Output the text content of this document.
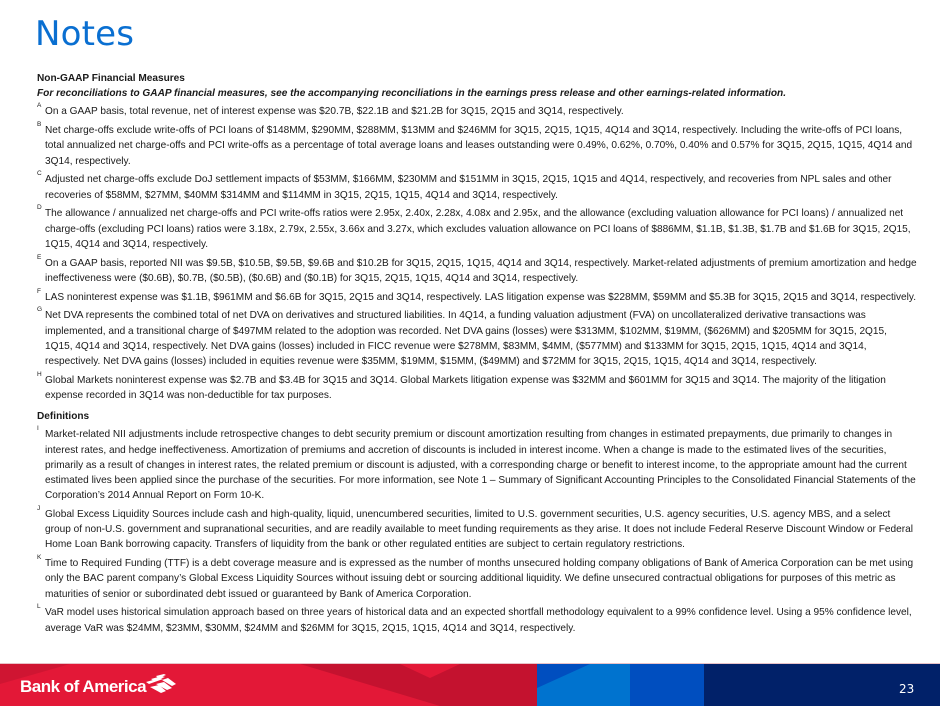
Notes
Non-GAAP Financial Measures
For reconciliations to GAAP financial measures, see the accompanying reconciliations in the earnings press release and other earnings-related information.
A
On a GAAP basis, total revenue, net of interest expense was $20.7B, $22.1B and $21.2B for 3Q15, 2Q15 and 3Q14, respectively.
B
Net charge-offs exclude write-offs of PCI loans of $148MM, $290MM, $288MM, $13MM and $246MM for 3Q15, 2Q15, 1Q15, 4Q14 and 3Q14, respectively. Including the write-offs of PCI loans, total annualized net charge-offs and PCI write-offs as a percentage of total average loans and leases outstanding were 0.49%, 0.62%, 0.70%, 0.40% and 0.57% for 3Q15, 2Q15, 1Q15, 4Q14 and 3Q14, respectively.
C
Adjusted net charge-offs exclude DoJ settlement impacts of $53MM, $166MM, $230MM and $151MM in 3Q15, 2Q15, 1Q15 and 4Q14, respectively, and recoveries from NPL sales and other recoveries of $58MM, $27MM, $40MM $314MM and $114MM in 3Q15, 2Q15, 1Q15, 4Q14 and 3Q14, respectively.
D
The allowance / annualized net charge-offs and PCI write-offs ratios were 2.95x, 2.40x, 2.28x, 4.08x and 2.95x, and the allowance (excluding valuation allowance for PCI loans) / annualized net charge-offs (excluding PCI loans) ratios were 3.18x, 2.79x, 2.55x, 3.66x and 3.27x, which excludes valuation allowance on PCI loans of $886MM, $1.1B, $1.3B, $1.7B and $1.6B for 3Q15, 2Q15, 1Q15, 4Q14 and 3Q14, respectively.
E
On a GAAP basis, reported NII was $9.5B, $10.5B, $9.5B, $9.6B and $10.2B for 3Q15, 2Q15, 1Q15, 4Q14 and 3Q14, respectively. Market-related adjustments of premium amortization and hedge ineffectiveness were ($0.6B), $0.7B, ($0.5B), ($0.6B) and ($0.1B) for 3Q15, 2Q15, 1Q15, 4Q14 and 3Q14, respectively.
F
LAS noninterest expense was $1.1B, $961MM and $6.6B for 3Q15, 2Q15 and 3Q14, respectively. LAS litigation expense was $228MM, $59MM and $5.3B for 3Q15, 2Q15 and 3Q14, respectively.
G
Net DVA represents the combined total of net DVA on derivatives and structured liabilities. In 4Q14, a funding valuation adjustment (FVA) on uncollateralized derivative transactions was implemented, and a transitional charge of $497MM related to the adoption was recorded. Net DVA gains (losses) were $313MM, $102MM, $19MM, ($626MM) and $205MM for 3Q15, 2Q15, 1Q15, 4Q14 and 3Q14, respectively. Net DVA gains (losses) included in FICC revenue were $278MM, $83MM, $4MM, ($577MM) and $133MM for 3Q15, 2Q15, 1Q15, 4Q14 and 3Q14, respectively. Net DVA gains (losses) included in equities revenue were $35MM, $19MM, $15MM, ($49MM) and $72MM for 3Q15, 2Q15, 1Q15, 4Q14 and 3Q14, respectively.
H
Global Markets noninterest expense was $2.7B and $3.4B for 3Q15 and 3Q14. Global Markets litigation expense was $32MM and $601MM for 3Q15 and 3Q14. The majority of the litigation expense recorded in 3Q14 was non-deductible for tax purposes.
Definitions
I
Market-related NII adjustments include retrospective changes to debt security premium or discount amortization resulting from changes in estimated prepayments, due primarily to changes in interest rates, and hedge ineffectiveness. Amortization of premiums and accretion of discounts is included in interest income. When a change is made to the estimated lives of the securities, primarily as a result of changes in interest rates, the related premium or discount is adjusted, with a corresponding charge or benefit to interest income, to the appropriate amount had the current estimated lives been applied since the purchase of the securities. For more information, see Note 1 – Summary of Significant Accounting Principles to the Consolidated Financial Statements of the Corporation’s 2014 Annual Report on Form 10-K.
J
Global Excess Liquidity Sources include cash and high-quality, liquid, unencumbered securities, limited to U.S. government securities, U.S. agency securities, U.S. agency MBS, and a select group of non-U.S. government and supranational securities, and are readily available to meet funding requirements as they arise. It does not include Federal Reserve Discount Window or Federal Home Loan Bank borrowing capacity. Transfers of liquidity from the bank or other regulated entities are subject to certain regulatory restrictions.
K
Time to Required Funding (TTF) is a debt coverage measure and is expressed as the number of months unsecured holding company obligations of Bank of America Corporation can be met using only the BAC parent company’s Global Excess Liquidity Sources without issuing debt or sourcing additional liquidity. We define unsecured contractual obligations for purposes of this metric as maturities of senior or subordinated debt issued or guaranteed by Bank of America Corporation.
L
VaR model uses historical simulation approach based on three years of historical data and an expected shortfall methodology equivalent to a 99% confidence level. Using a 95% confidence level, average VaR was $24MM, $23MM, $30MM, $24MM and $26MM for 3Q15, 2Q15, 1Q15, 4Q14 and 3Q14, respectively.
Bank of America	23
